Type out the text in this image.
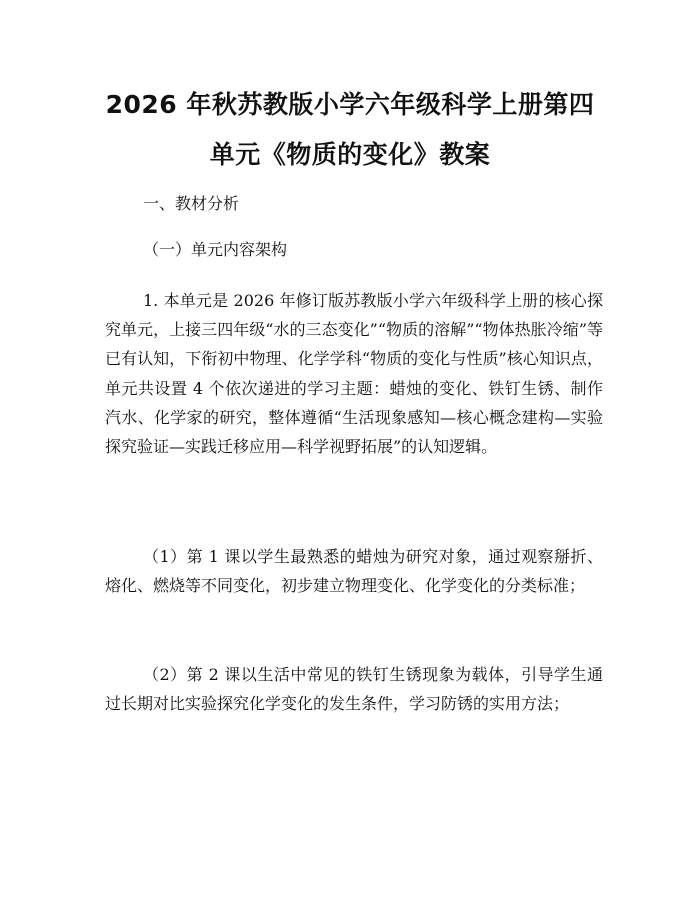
2026 年秋苏教版小学六年级科学上册第四单元《物质的变化》教案
一、教材分析
（一）单元内容架构

1. 本单元是 2026 年修订版苏教版小学六年级科学上册的核心探究单元，上接三四年级“水的三态变化”“物质的溶解”“物体热胀冷缩”等已有认知，下衔初中物理、化学学科“物质的变化与性质”核心知识点，单元共设置 4 个依次递进的学习主题：蜡烛的变化、铁钉生锈、制作汽水、化学家的研究，整体遵循“生活现象感知—核心概念建构—实验探究验证—实践迁移应用—科学视野拓展”的认知逻辑。

（1）第 1 课以学生最熟悉的蜡烛为研究对象，通过观察掰折、熔化、燃烧等不同变化，初步建立物理变化、化学变化的分类标准；

（2）第 2 课以生活中常见的铁钉生锈现象为载体，引导学生通过长期对比实验探究化学变化的发生条件，学习防锈的实用方法；
